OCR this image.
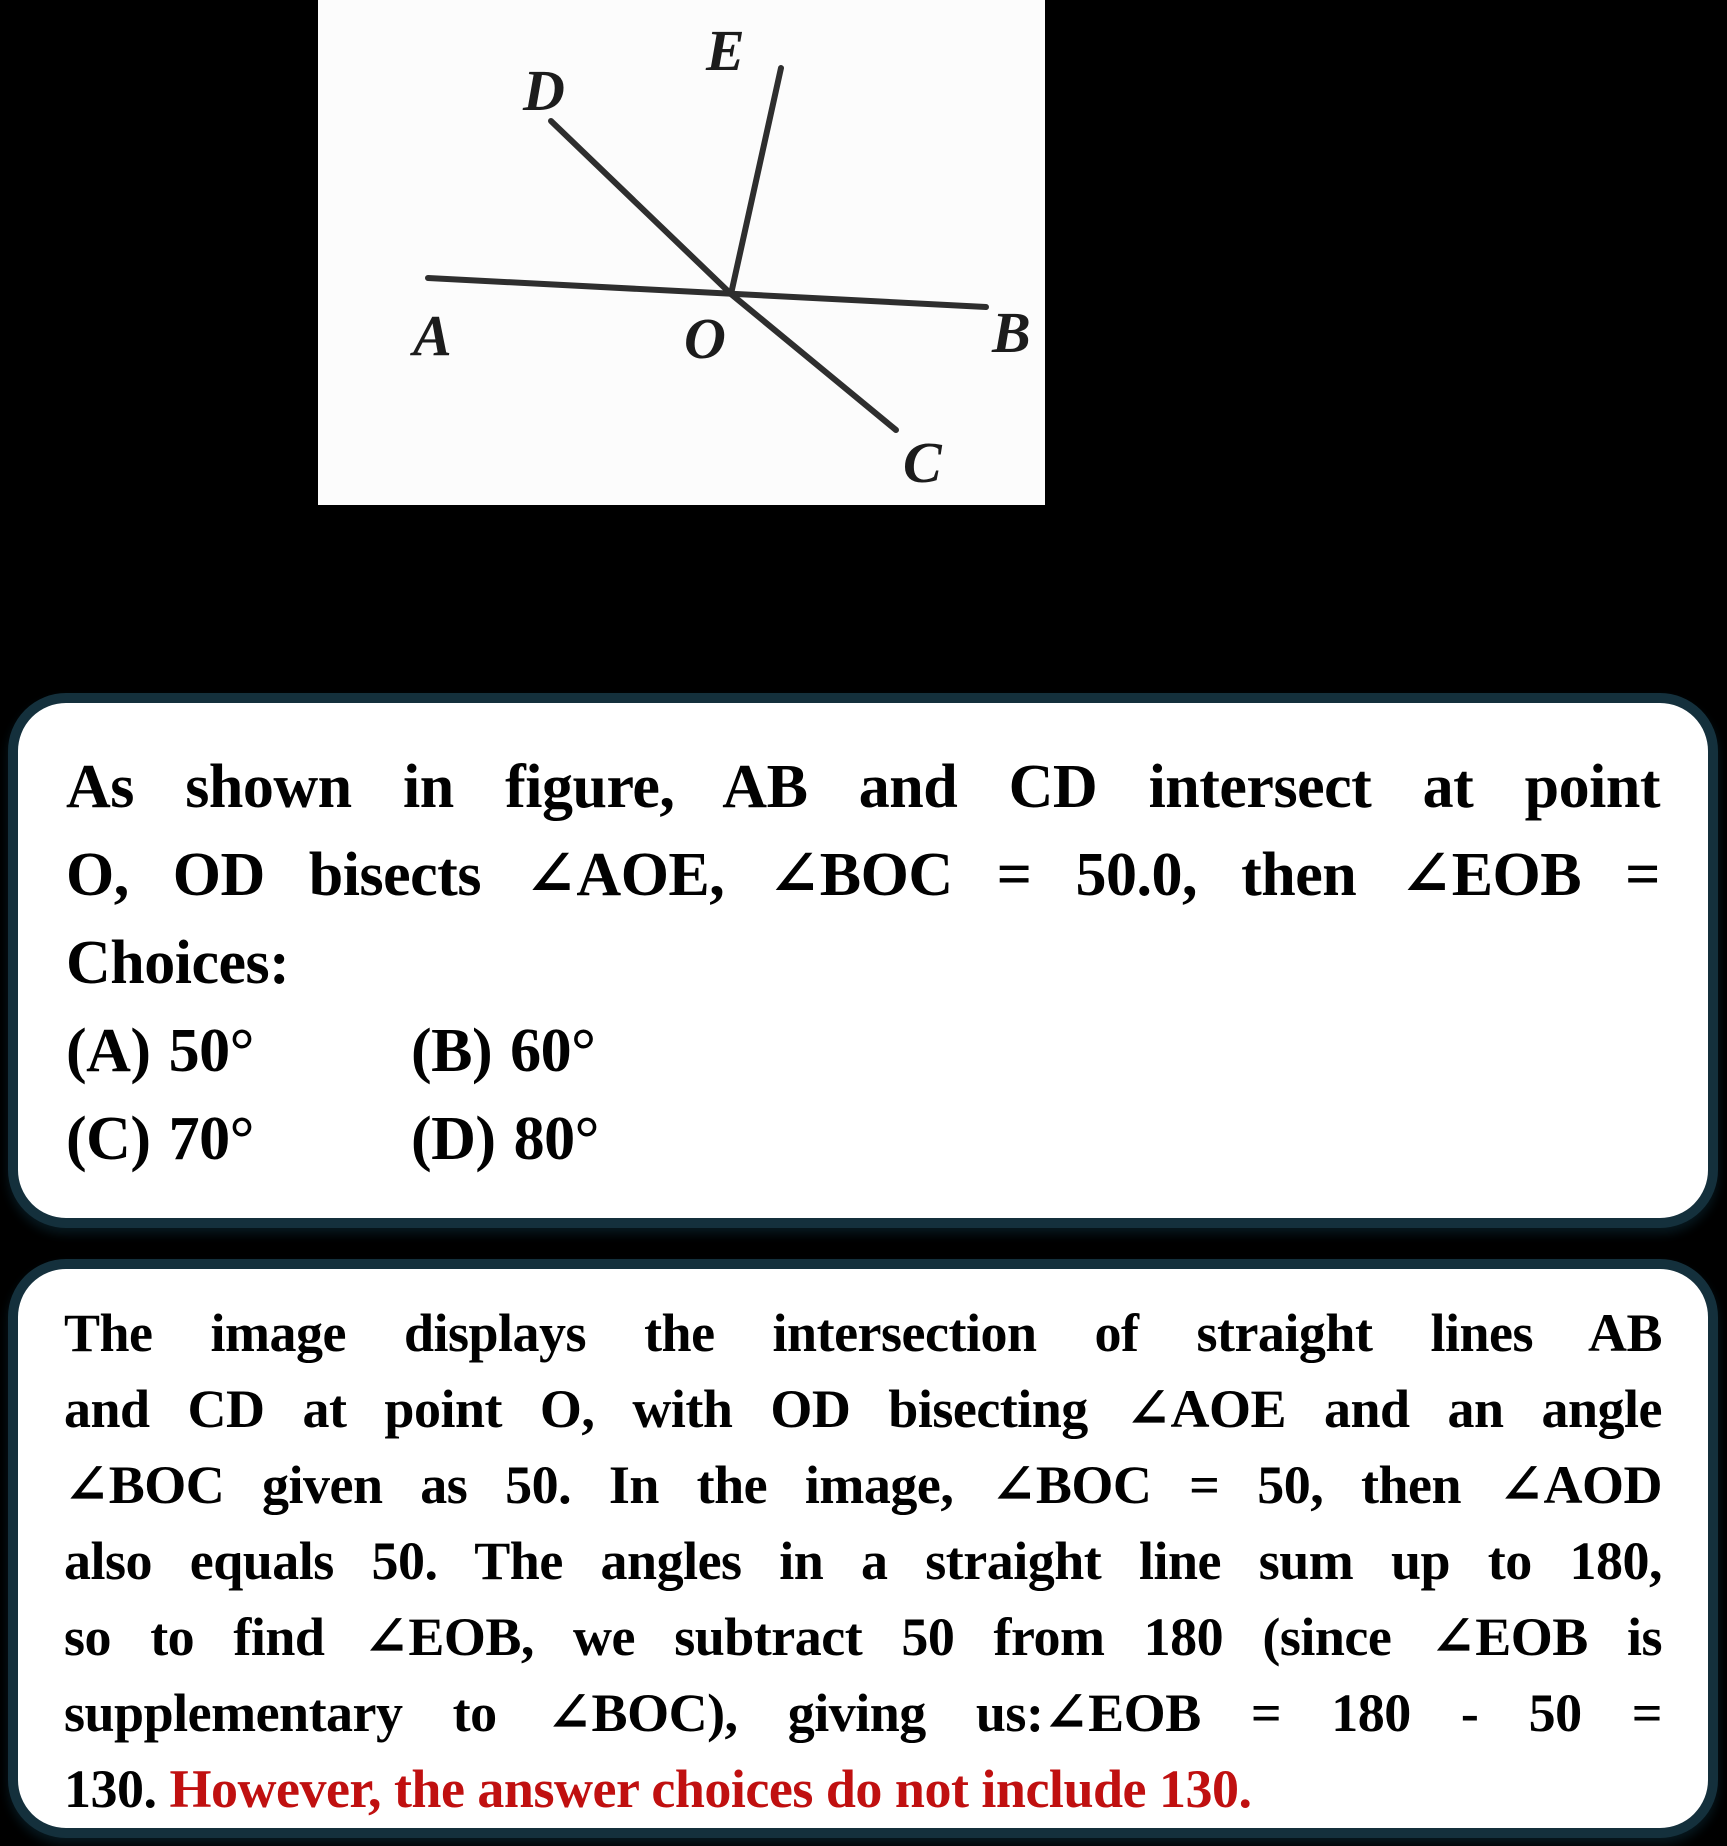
A	B
C
D
E
O
As shown in figure, AB and CD intersect at point
O, OD bisects ∠AOE, ∠BOC = 50.0, then ∠EOB =
Choices:
(A) 50°	(B) 60°
(C) 70°	(D) 80°
The image displays the intersection of straight lines AB
and CD at point O, with OD bisecting ∠AOE and an angle
∠BOC given as 50. In the image, ∠BOC = 50, then ∠AOD
also equals 50. The angles in a straight line sum up to 180,
so to find ∠EOB, we subtract 50 from 180 (since ∠EOB is
supplementary to ∠BOC), giving us:∠EOB = 180 - 50 =
130. However, the answer choices do not include 130.
